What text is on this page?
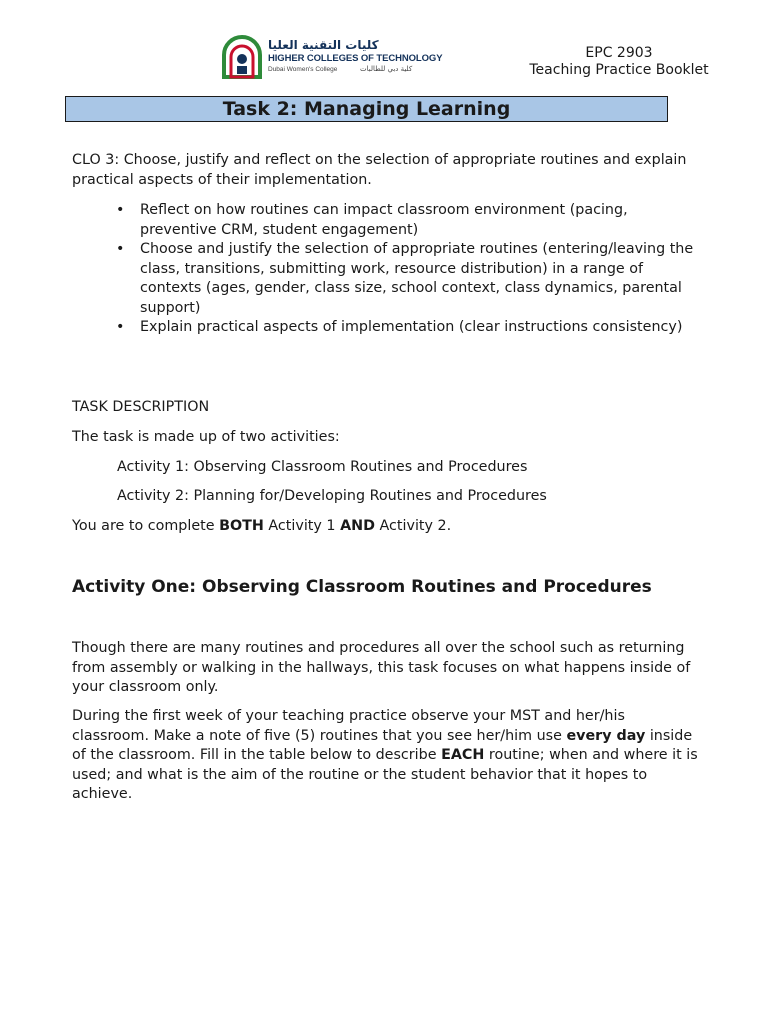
كليات التقنية العليا
HIGHER COLLEGES OF TECHNOLOGY
Dubai Women's College	كلية دبي للطالبات
EPC 2903
Teaching Practice Booklet
Task 2: Managing Learning
CLO 3: Choose, justify and reflect on the selection of appropriate routines and explain practical aspects of their implementation.
• Reflect on how routines can impact classroom environment (pacing, preventive CRM, student engagement)
• Choose and justify the selection of appropriate routines (entering/leaving the class, transitions, submitting work, resource distribution) in a range of contexts (ages, gender, class size, school context, class dynamics, parental support)
• Explain practical aspects of implementation (clear instructions consistency)
TASK DESCRIPTION
The task is made up of two activities:
Activity 1: Observing Classroom Routines and Procedures
Activity 2: Planning for/Developing Routines and Procedures
You are to complete BOTH Activity 1 AND Activity 2.
Activity One: Observing Classroom Routines and Procedures
Though there are many routines and procedures all over the school such as returning from assembly or walking in the hallways, this task focuses on what happens inside of your classroom only.
During the first week of your teaching practice observe your MST and her/his classroom. Make a note of five (5) routines that you see her/him use every day inside of the classroom. Fill in the table below to describe EACH routine; when and where it is used; and what is the aim of the routine or the student behavior that it hopes to achieve.
